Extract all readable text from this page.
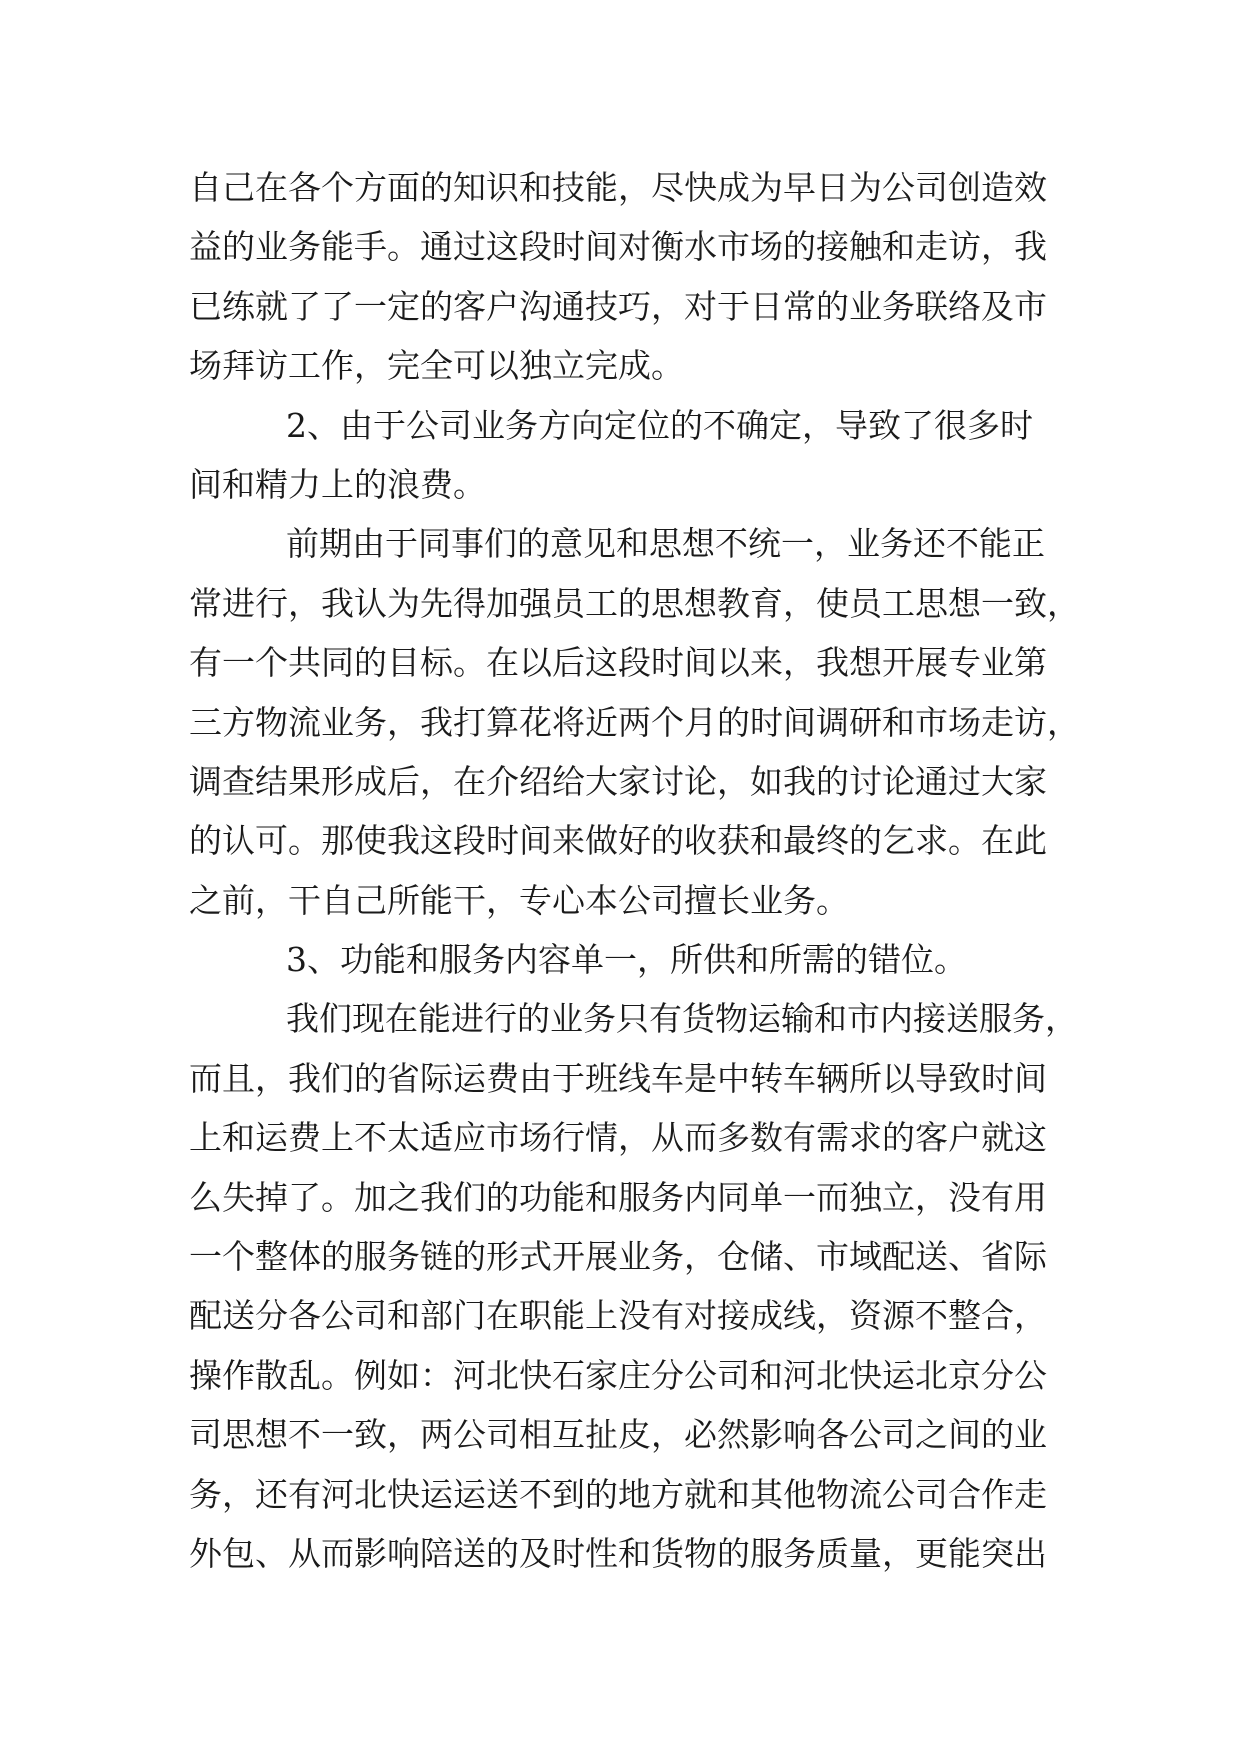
自己在各个方面的知识和技能，尽快成为早日为公司创造效
益的业务能手。通过这段时间对衡水市场的接触和走访，我
已练就了了一定的客户沟通技巧，对于日常的业务联络及市
场拜访工作，完全可以独立完成。
2、由于公司业务方向定位的不确定，导致了很多时
间和精力上的浪费。
前期由于同事们的意见和思想不统一，业务还不能正
常进行，我认为先得加强员工的思想教育，使员工思想一致，
有一个共同的目标。在以后这段时间以来，我想开展专业第
三方物流业务，我打算花将近两个月的时间调研和市场走访，
调查结果形成后，在介绍给大家讨论，如我的讨论通过大家
的认可。那使我这段时间来做好的收获和最终的乞求。在此
之前，干自己所能干，专心本公司擅长业务。
3、功能和服务内容单一，所供和所需的错位。
我们现在能进行的业务只有货物运输和市内接送服务，
而且，我们的省际运费由于班线车是中转车辆所以导致时间
上和运费上不太适应市场行情，从而多数有需求的客户就这
么失掉了。加之我们的功能和服务内同单一而独立，没有用
一个整体的服务链的形式开展业务，仓储、市域配送、省际
配送分各公司和部门在职能上没有对接成线，资源不整合，
操作散乱。例如：河北快石家庄分公司和河北快运北京分公
司思想不一致，两公司相互扯皮，必然影响各公司之间的业
务，还有河北快运运送不到的地方就和其他物流公司合作走
外包、从而影响陪送的及时性和货物的服务质量，更能突出
